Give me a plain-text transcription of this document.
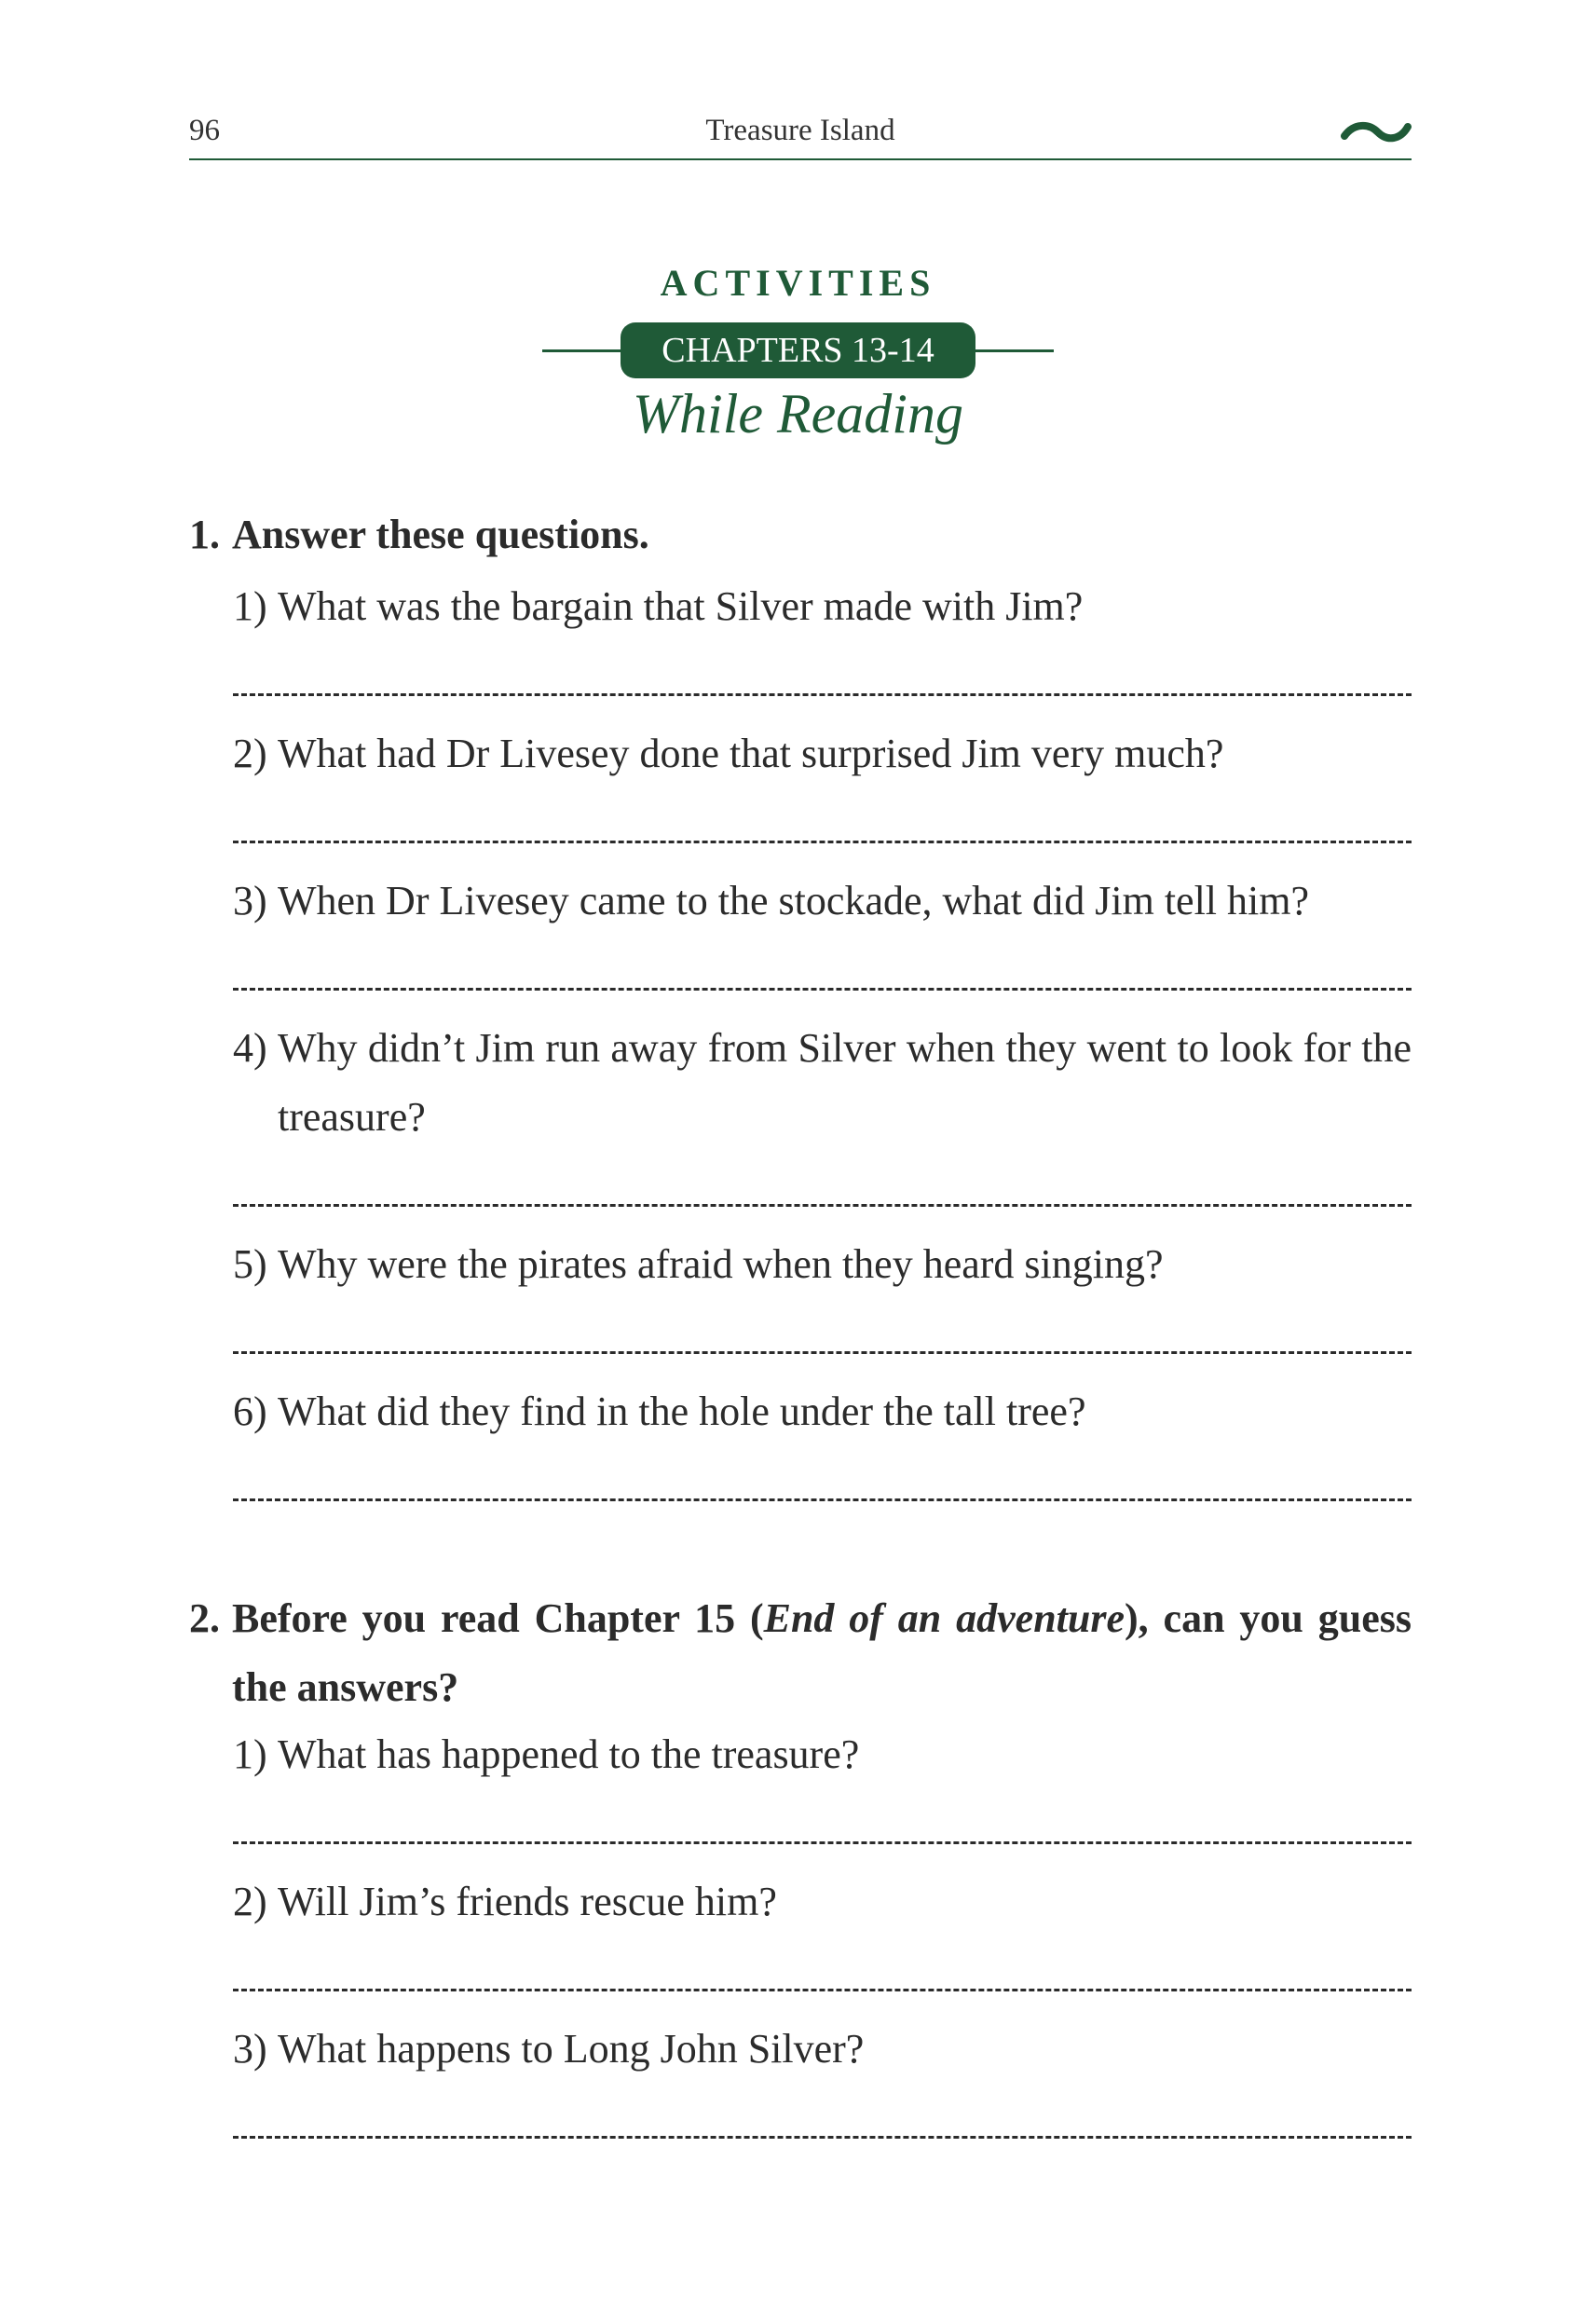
96	Treasure Island
ACTIVITIES
CHAPTERS 13-14
While Reading
1. Answer these questions.
1) What was the bargain that Silver made with Jim?
2) What had Dr Livesey done that surprised Jim very much?
3) When Dr Livesey came to the stockade, what did Jim tell him?
4) Why didn’t Jim run away from Silver when they went to look for the treasure?
5) Why were the pirates afraid when they heard singing?
6) What did they find in the hole under the tall tree?
2. Before you read Chapter 15 (End of an adventure), can you guess the answers?
1) What has happened to the treasure?
2) Will Jim’s friends rescue him?
3) What happens to Long John Silver?
